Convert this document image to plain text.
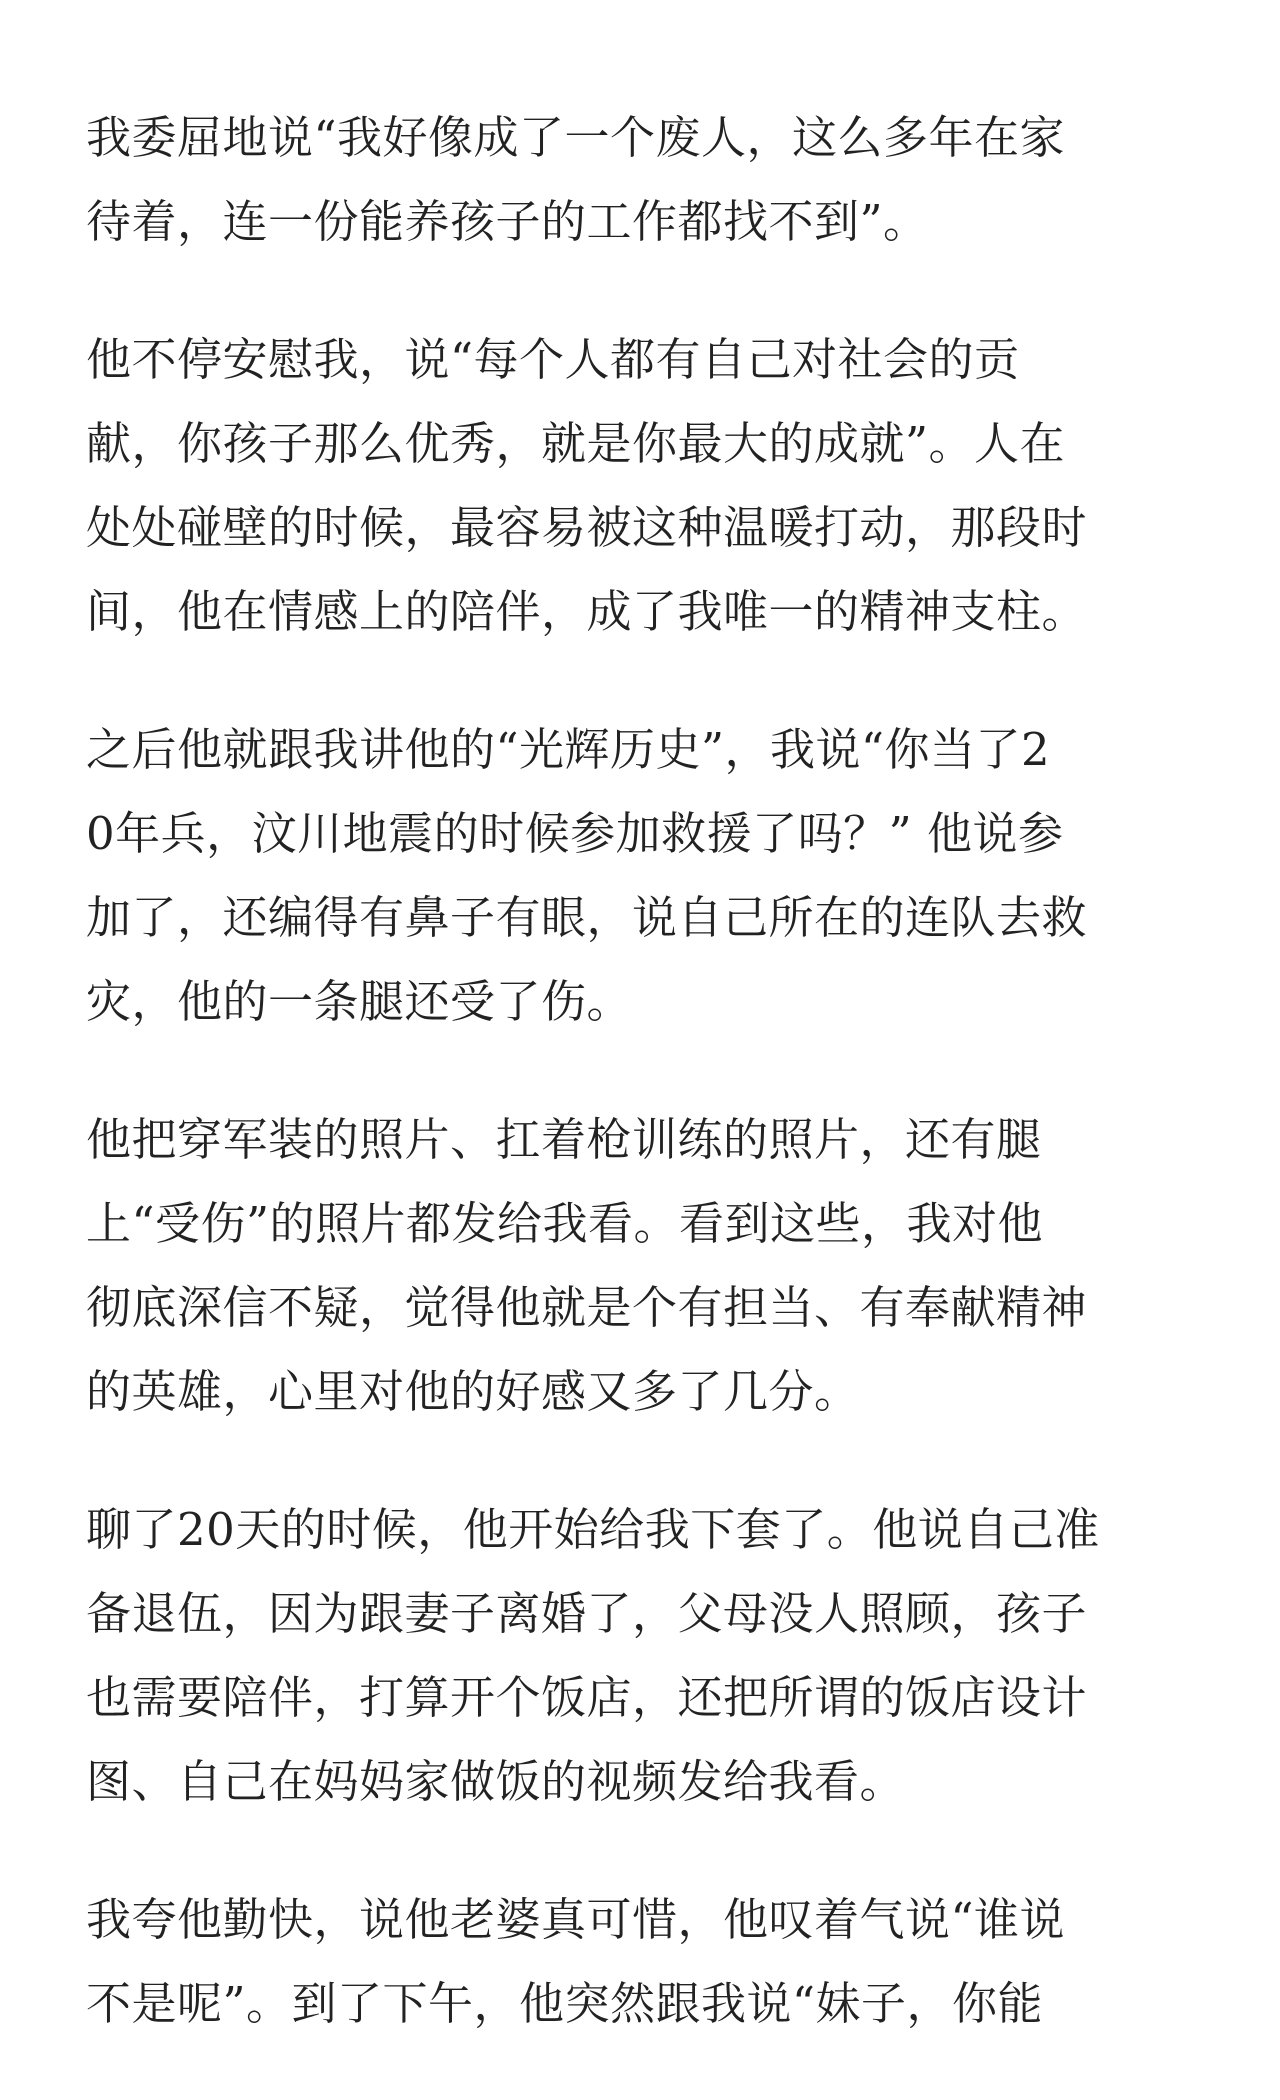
我委屈地说“我好像成了一个废人，这么多年在家
待着，连一份能养孩子的工作都找不到”。

他不停安慰我，说“每个人都有自己对社会的贡
献，你孩子那么优秀，就是你最大的成就”。人在
处处碰壁的时候，最容易被这种温暖打动，那段时
间，他在情感上的陪伴，成了我唯一的精神支柱。

之后他就跟我讲他的“光辉历史”，我说“你当了2
0年兵，汶川地震的时候参加救援了吗？” 他说参
加了，还编得有鼻子有眼，说自己所在的连队去救
灾，他的一条腿还受了伤。

他把穿军装的照片、扛着枪训练的照片，还有腿
上“受伤”的照片都发给我看。看到这些，我对他
彻底深信不疑，觉得他就是个有担当、有奉献精神
的英雄，心里对他的好感又多了几分。

聊了20天的时候，他开始给我下套了。他说自己准
备退伍，因为跟妻子离婚了，父母没人照顾，孩子
也需要陪伴，打算开个饭店，还把所谓的饭店设计
图、自己在妈妈家做饭的视频发给我看。

我夸他勤快，说他老婆真可惜，他叹着气说“谁说
不是呢”。到了下午，他突然跟我说“妹子，你能
